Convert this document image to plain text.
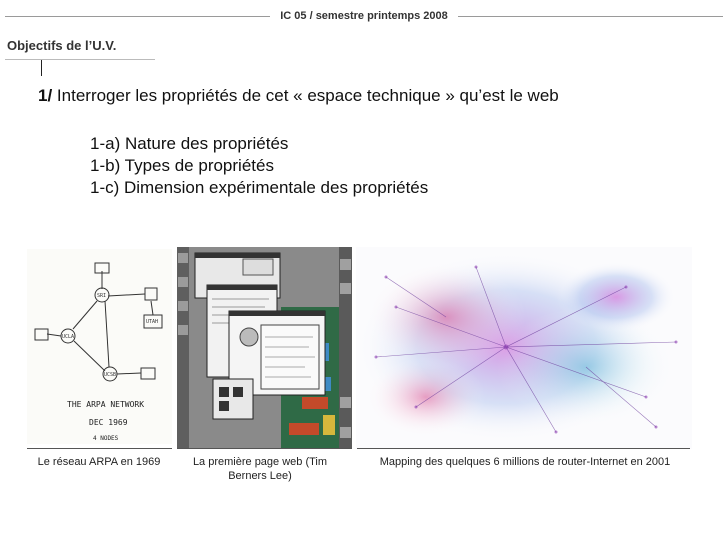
IC 05 / semestre printemps 2008
Objectifs de l’U.V.
1/ Interroger les propriétés de cet « espace technique » qu’est le web
1-a) Nature des propriétés
1-b) Types de propriétés
1-c) Dimension expérimentale des propriétés
SRI
UTAH
UCLA
UCSB
THE ARPA NETWORK
DEC 1969
4 NODES
Le réseau ARPA en 1969	La première page web (Tim Berners Lee)
Mapping des quelques 6 millions de router-Internet en 2001
